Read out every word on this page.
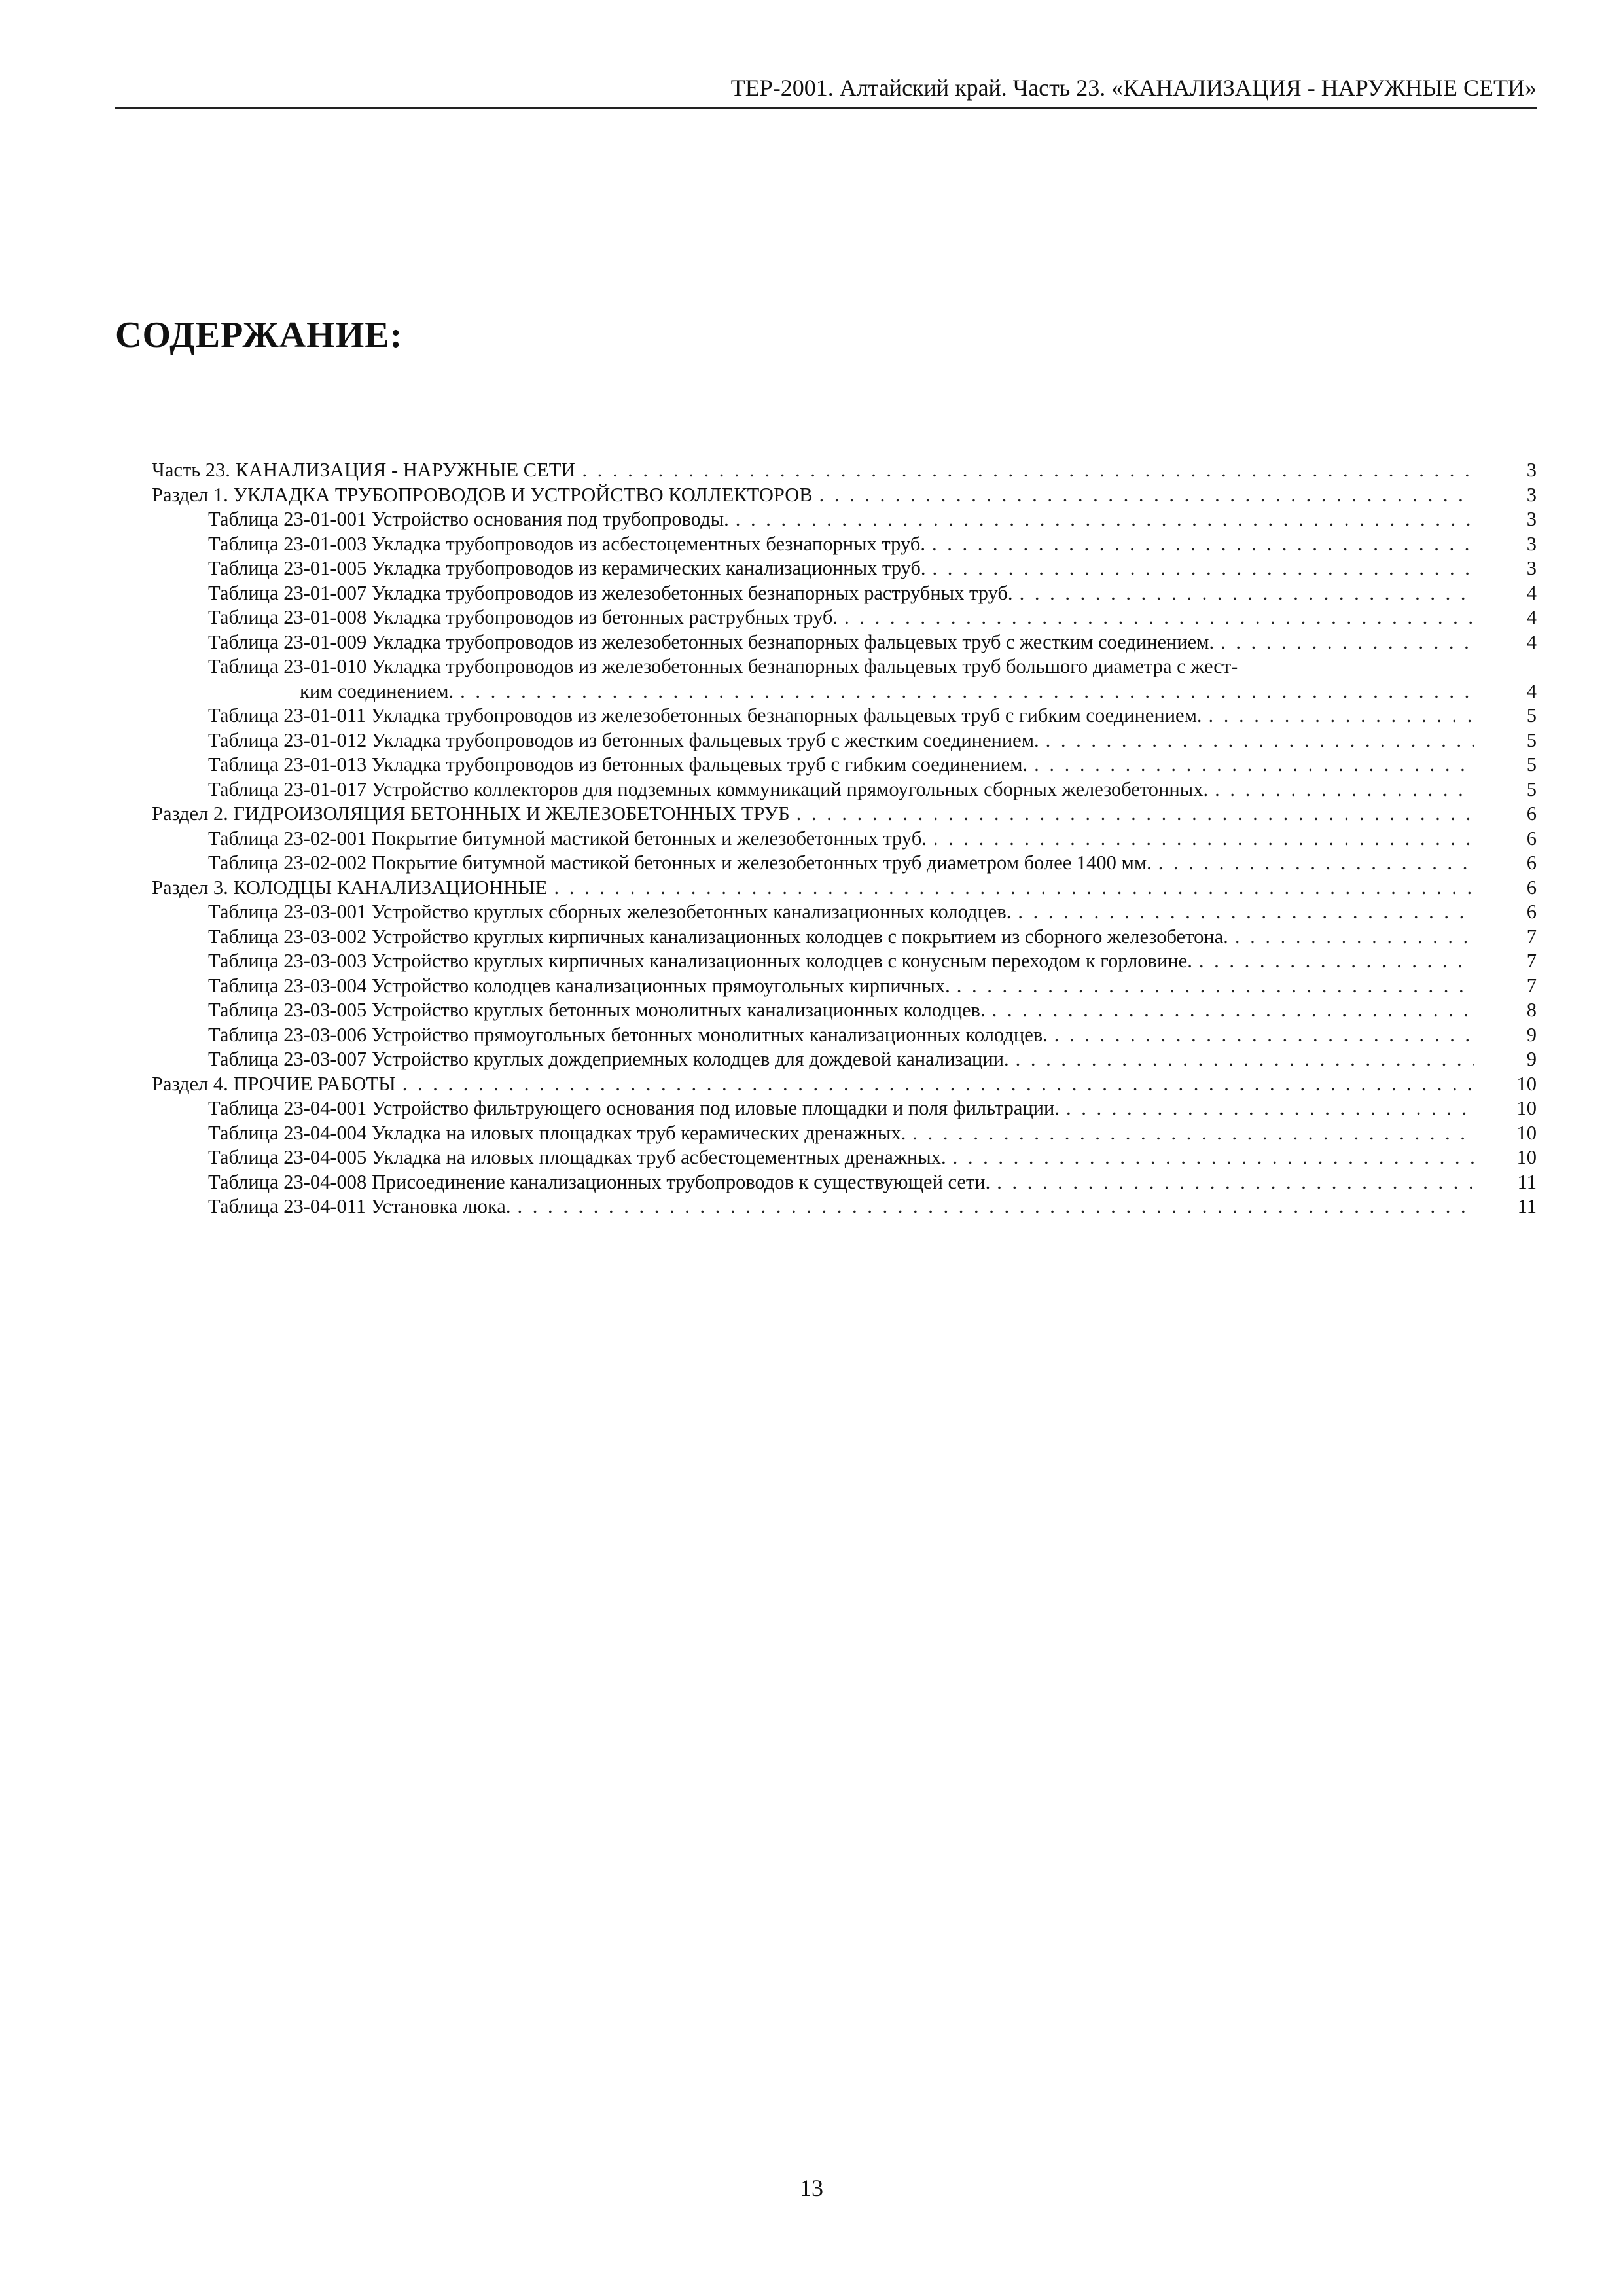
ТЕР-2001. Алтайский край. Часть 23. «КАНАЛИЗАЦИЯ - НАРУЖНЫЕ СЕТИ»
СОДЕРЖАНИЕ:
Часть 23. КАНАЛИЗАЦИЯ - НАРУЖНЫЕ СЕТИ . . .	3
Раздел 1. УКЛАДКА ТРУБОПРОВОДОВ И УСТРОЙСТВО КОЛЛЕКТОРОВ . . .	3
Таблица 23-01-001 Устройство основания под трубопроводы. . . .	3
Таблица 23-01-003 Укладка трубопроводов из асбестоцементных безнапорных труб. . . .	3
Таблица 23-01-005 Укладка трубопроводов из керамических канализационных труб. . . .	3
Таблица 23-01-007 Укладка трубопроводов из железобетонных безнапорных раструбных труб. . . .	4
Таблица 23-01-008 Укладка трубопроводов из бетонных раструбных труб. . . .	4
Таблица 23-01-009 Укладка трубопроводов из железобетонных безнапорных фальцевых труб с жестким соединением. . . .	4
Таблица 23-01-010 Укладка трубопроводов из железобетонных безнапорных фальцевых труб большого диаметра с жест-
ким соединением. . . .	4
Таблица 23-01-011 Укладка трубопроводов из железобетонных безнапорных фальцевых труб с гибким соединением. . . .	5
Таблица 23-01-012 Укладка трубопроводов из бетонных фальцевых труб с жестким соединением. . . .	5
Таблица 23-01-013 Укладка трубопроводов из бетонных фальцевых труб с гибким соединением. . . .	5
Таблица 23-01-017 Устройство коллекторов для подземных коммуникаций прямоугольных сборных железобетонных. . . .	5
Раздел 2. ГИДРОИЗОЛЯЦИЯ БЕТОННЫХ И ЖЕЛЕЗОБЕТОННЫХ ТРУБ . . .	6
Таблица 23-02-001 Покрытие битумной мастикой бетонных и железобетонных труб. . . .	6
Таблица 23-02-002 Покрытие битумной мастикой бетонных и железобетонных труб диаметром более 1400 мм. . . .	6
Раздел 3. КОЛОДЦЫ КАНАЛИЗАЦИОННЫЕ . . .	6
Таблица 23-03-001 Устройство круглых сборных железобетонных канализационных колодцев. . . .	6
Таблица 23-03-002 Устройство круглых кирпичных канализационных колодцев с покрытием из сборного железобетона. . . .	7
Таблица 23-03-003 Устройство круглых кирпичных канализационных колодцев с конусным переходом к горловине. . . .	7
Таблица 23-03-004 Устройство колодцев канализационных прямоугольных кирпичных. . . .	7
Таблица 23-03-005 Устройство круглых бетонных монолитных канализационных колодцев. . . .	8
Таблица 23-03-006 Устройство прямоугольных бетонных монолитных канализационных колодцев. . . .	9
Таблица 23-03-007 Устройство круглых дождеприемных колодцев для дождевой канализации. . . .	9
Раздел 4. ПРОЧИЕ РАБОТЫ . . .	10
Таблица 23-04-001 Устройство фильтрующего основания под иловые площадки и поля фильтрации. . . .	10
Таблица 23-04-004 Укладка на иловых площадках труб керамических дренажных. . . .	10
Таблица 23-04-005 Укладка на иловых площадках труб асбестоцементных дренажных. . . .	10
Таблица 23-04-008 Присоединение канализационных трубопроводов к существующей сети. . . .	11
Таблица 23-04-011 Установка люка. . . .	11
13
